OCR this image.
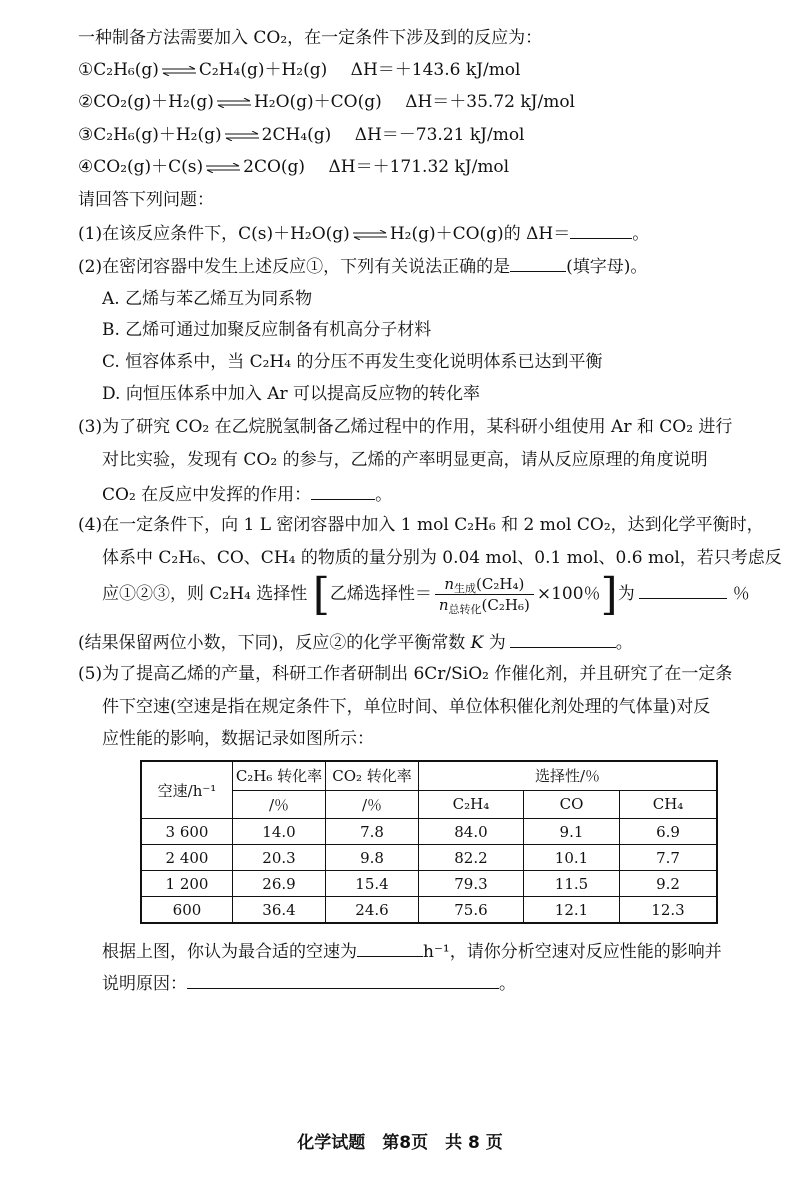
一种制备方法需要加入 CO₂，在一定条件下涉及到的反应为：
①C₂H₆(g) ⇌ C₂H₄(g)＋H₂(g) ΔH＝＋143.6 kJ/mol
②CO₂(g)＋H₂(g) ⇌ H₂O(g)＋CO(g) ΔH＝＋35.72 kJ/mol
③C₂H₆(g)＋H₂(g) ⇌ 2CH₄(g) ΔH＝－73.21 kJ/mol
④CO₂(g)＋C(s) ⇌ 2CO(g) ΔH＝＋171.32 kJ/mol
请回答下列问题：
(1)在该反应条件下，C(s)＋H₂O(g) ⇌ H₂(g)＋CO(g)的 ΔH＝	。
(2)在密闭容器中发生上述反应①，下列有关说法正确的是	(填字母)。
A. 乙烯与苯乙烯互为同系物
B. 乙烯可通过加聚反应制备有机高分子材料
C. 恒容体系中，当 C₂H₄ 的分压不再发生变化说明体系已达到平衡
D. 向恒压体系中加入 Ar 可以提高反应物的转化率
(3)为了研究 CO₂ 在乙烷脱氢制备乙烯过程中的作用，某科研小组使用 Ar 和 CO₂ 进行
对比实验，发现有 CO₂ 的参与，乙烯的产率明显更高，请从反应原理的角度说明
CO₂ 在反应中发挥的作用：	。
(4)在一定条件下，向 1 L 密闭容器中加入 1 mol C₂H₆ 和 2 mol CO₂，达到化学平衡时，
体系中 C₂H₆、CO、CH₄ 的物质的量分别为 0.04 mol、0.1 mol、0.6 mol，若只考虑反
应①②③，则 C₂H₄ 选择性 [乙烯选择性＝ $\frac{n_{生成}(C_2H_4)}{n_{总转化}(C_2H_6)} \times 100$％]为	％
(结果保留两位小数，下同)，反应②的化学平衡常数 K 为	。
(5)为了提高乙烯的产量，科研工作者研制出 6Cr/SiO₂ 作催化剂，并且研究了在一定条
件下空速(空速是指在规定条件下，单位时间、单位体积催化剂处理的气体量)对反
应性能的影响，数据记录如图所示：
空速/h⁻¹	C₂H₆ 转化率	CO₂ 转化率	选择性/％		
	/％	/％	C₂H₄	CO	CH₄
3 600	14.0	7.8	84.0	9.1	6.9
2 400	20.3	9.8	82.2	10.1	7.7
1 200	26.9	15.4	79.3	11.5	9.2
600	36.4	24.6	75.6	12.1	12.3
根据上图，你认为最合适的空速为	h⁻¹，请你分析空速对反应性能的影响并
说明原因：	。
化学试题　第8页　共 8 页
